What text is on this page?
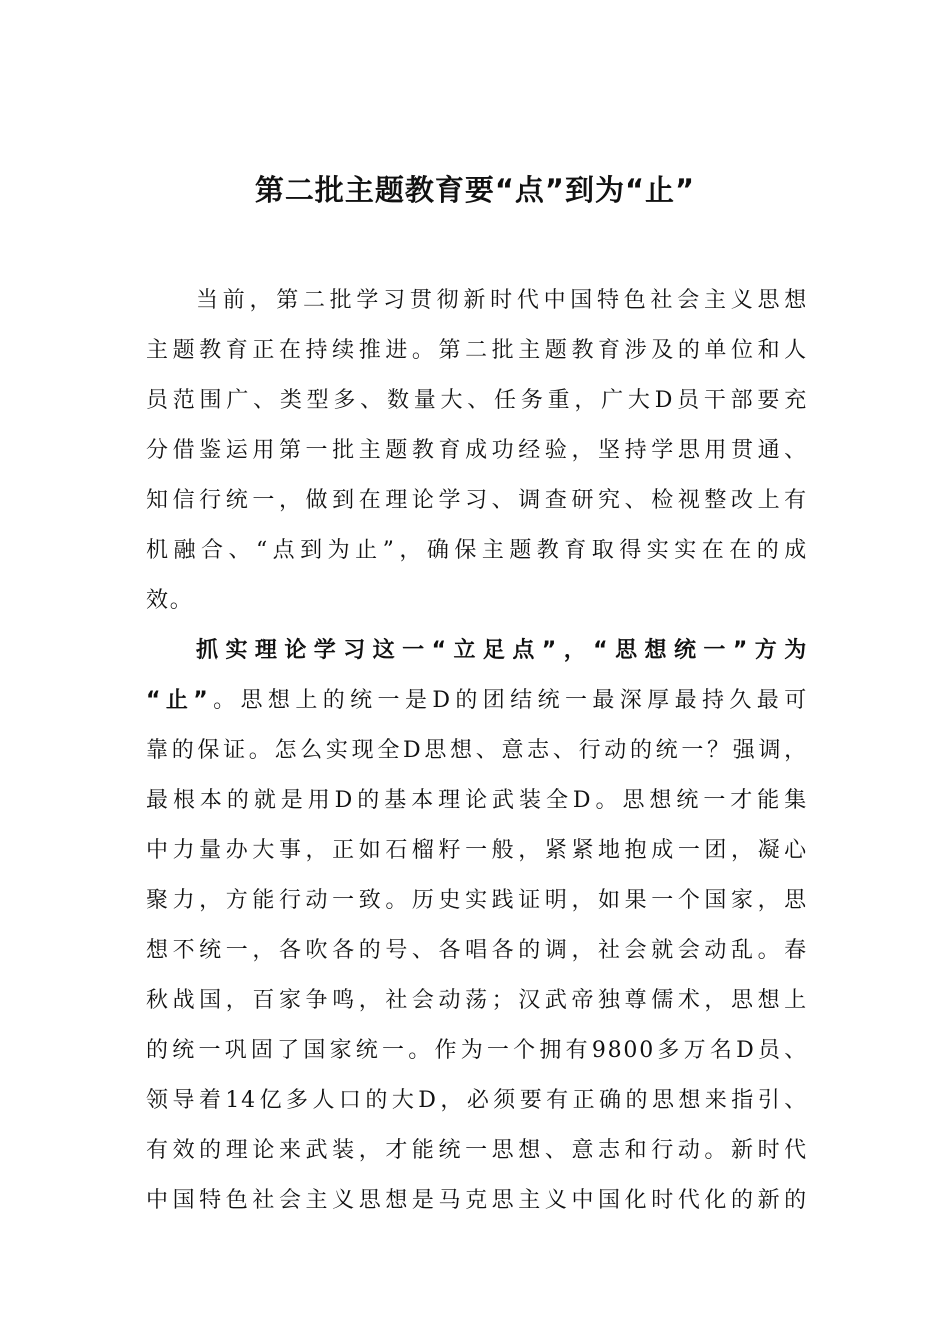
第二批主题教育要“点”到为“止”

当前，第二批学习贯彻新时代中国特色社会主义思想

主题教育正在持续推进。第二批主题教育涉及的单位和人

员范围广、类型多、数量大、任务重，广大D员干部要充

分借鉴运用第一批主题教育成功经验，坚持学思用贯通、

知信行统一，做到在理论学习、调查研究、检视整改上有

机融合、“点到为止”，确保主题教育取得实实在在的成

效。

抓实理论学习这一“立足点”，“思想统一”方为

“止”。思想上的统一是D的团结统一最深厚最持久最可

靠的保证。怎么实现全D思想、意志、行动的统一？强调，

最根本的就是用D的基本理论武装全D。思想统一才能集

中力量办大事，正如石榴籽一般，紧紧地抱成一团，凝心

聚力，方能行动一致。历史实践证明，如果一个国家，思

想不统一，各吹各的号、各唱各的调，社会就会动乱。春

秋战国，百家争鸣，社会动荡；汉武帝独尊儒术，思想上

的统一巩固了国家统一。作为一个拥有9800多万名D员、

领导着14亿多人口的大D，必须要有正确的思想来指引、

有效的理论来武装，才能统一思想、意志和行动。新时代

中国特色社会主义思想是马克思主义中国化时代化的新的
